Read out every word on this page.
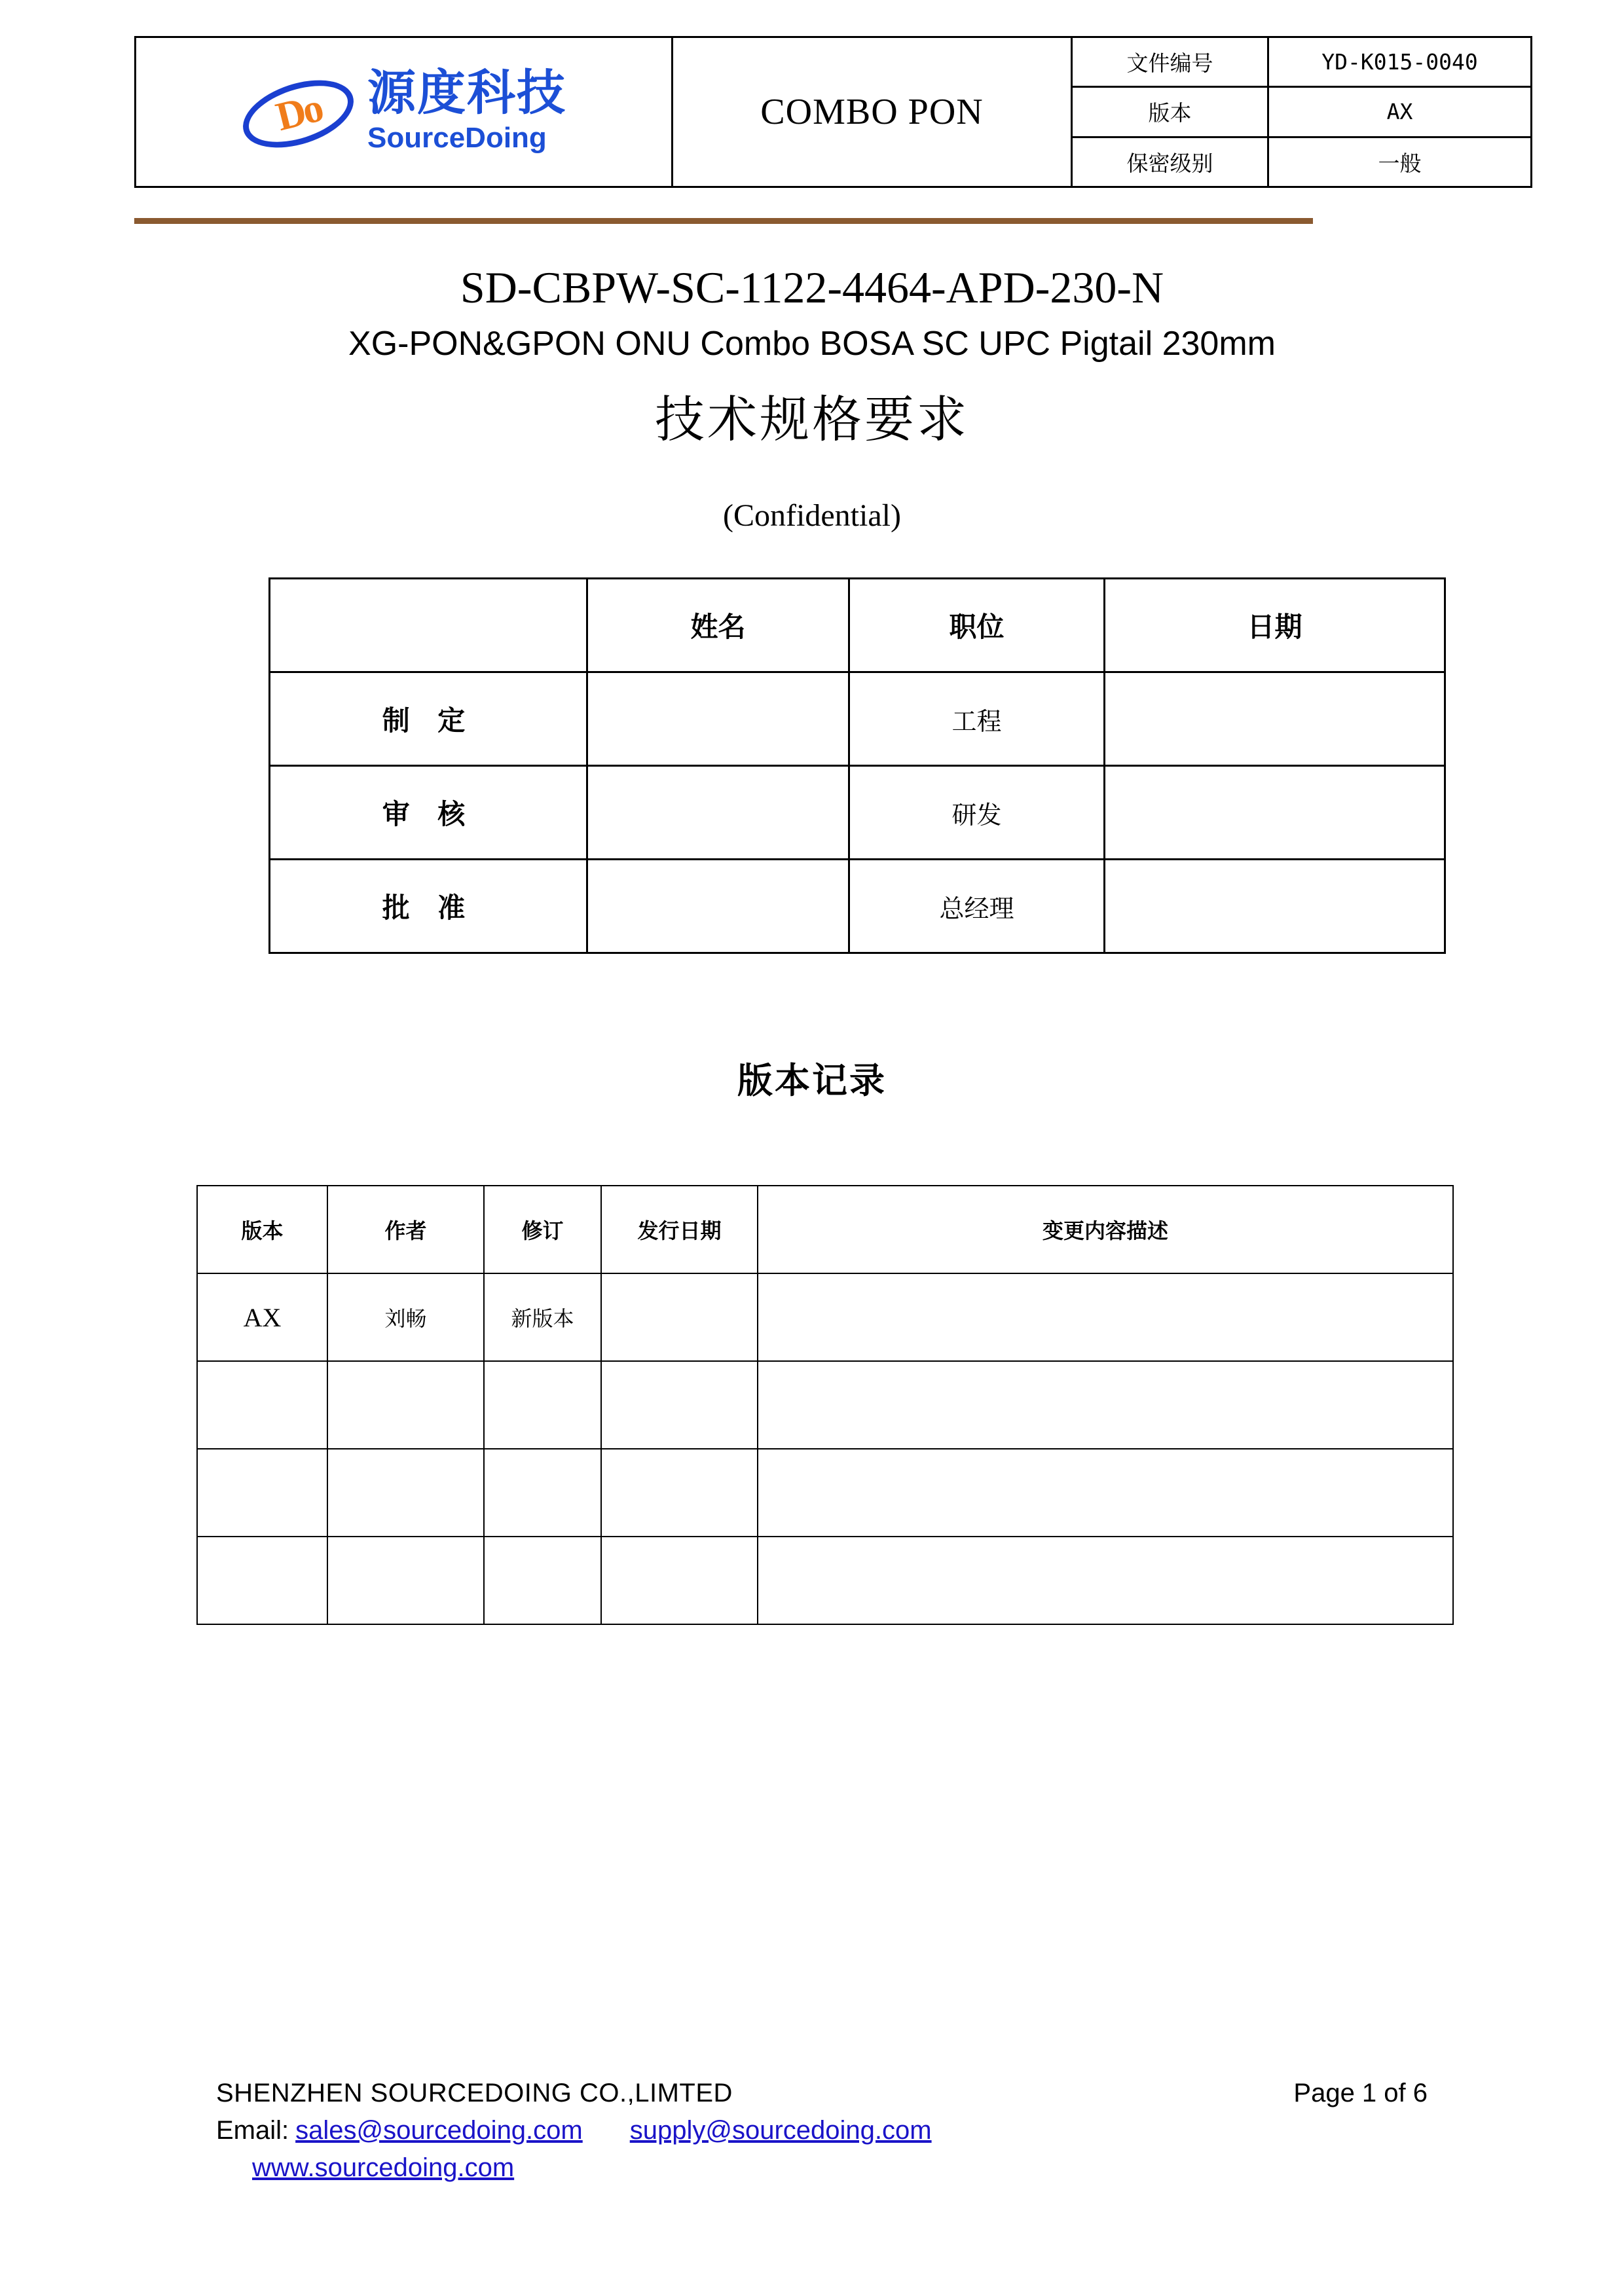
Do 源度科技
SourceDoing
COMBO PON
文件编号	YD-K015-0040
版本	AX
保密级别	一般
SD-CBPW-SC-1122-4464-APD-230-N
XG-PON&GPON ONU Combo BOSA SC UPC Pigtail 230mm
技术规格要求
(Confidential)
	姓名	职位	日期
制 定		工程	
审 核		研发	
批 准		总经理	
版本记录
版本	作者	修订	发行日期	变更内容描述
AX	刘畅	新版本		

SHENZHEN SOURCEDOING CO.,LIMTED	Page 1 of 6
Email: sales@sourcedoing.com supply@sourcedoing.com
www.sourcedoing.com
